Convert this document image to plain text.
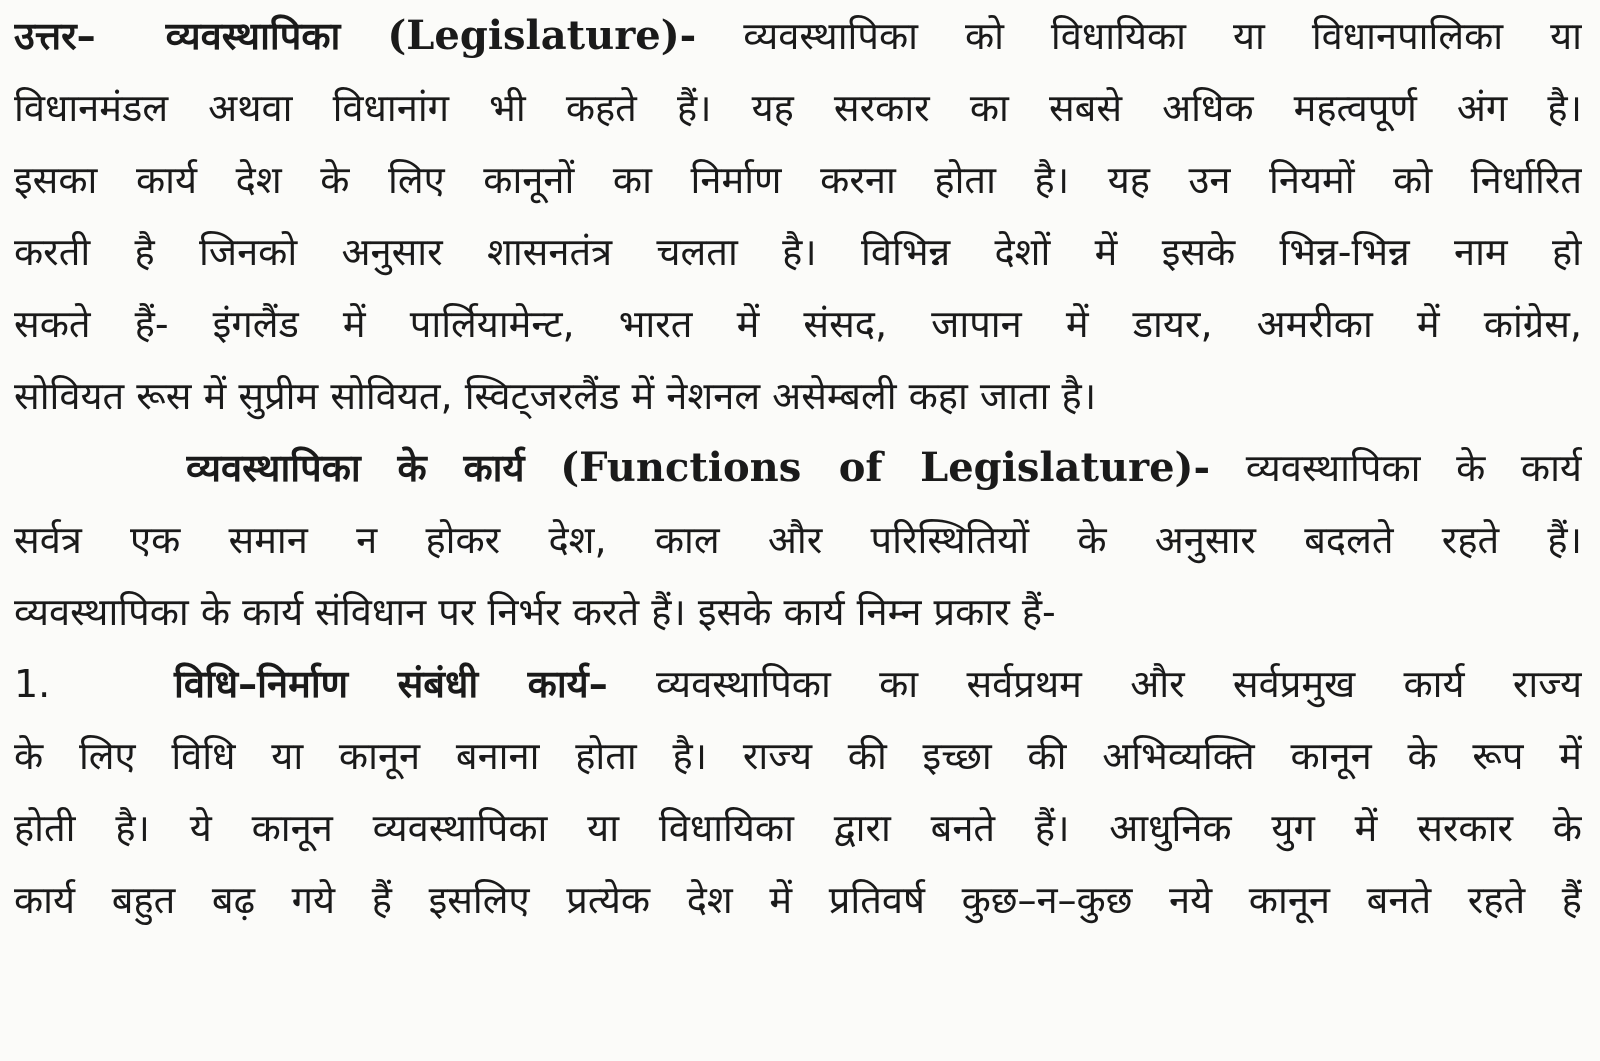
उत्तर– व्यवस्थापिका (Legislature)- व्यवस्थापिका को विधायिका या विधानपालिका या
विधानमंडल अथवा विधानांग भी कहते हैं। यह सरकार का सबसे अधिक महत्वपूर्ण अंग है।
इसका कार्य देश के लिए कानूनों का निर्माण करना होता है। यह उन नियमों को निर्धारित
करती है जिनको अनुसार शासनतंत्र चलता है। विभिन्न देशों में इसके भिन्न-भिन्न नाम हो
सकते हैं- इंगलैंड में पार्लियामेन्ट, भारत में संसद, जापान में डायर, अमरीका में कांग्रेस,
सोवियत रूस में सुप्रीम सोवियत, स्विट्जरलैंड में नेशनल असेम्बली कहा जाता है।
व्यवस्थापिका के कार्य (Functions of Legislature)- व्यवस्थापिका के कार्य
सर्वत्र एक समान न होकर देश, काल और परिस्थितियों के अनुसार बदलते रहते हैं।
व्यवस्थापिका के कार्य संविधान पर निर्भर करते हैं। इसके कार्य निम्न प्रकार हैं-
1.	विधि–निर्माण संबंधी कार्य– व्यवस्थापिका का सर्वप्रथम और सर्वप्रमुख कार्य राज्य
के लिए विधि या कानून बनाना होता है। राज्य की इच्छा की अभिव्यक्ति कानून के रूप में
होती है। ये कानून व्यवस्थापिका या विधायिका द्वारा बनते हैं। आधुनिक युग में सरकार के
कार्य बहुत बढ़ गये हैं इसलिए प्रत्येक देश में प्रतिवर्ष कुछ–न–कुछ नये कानून बनते रहते हैं
